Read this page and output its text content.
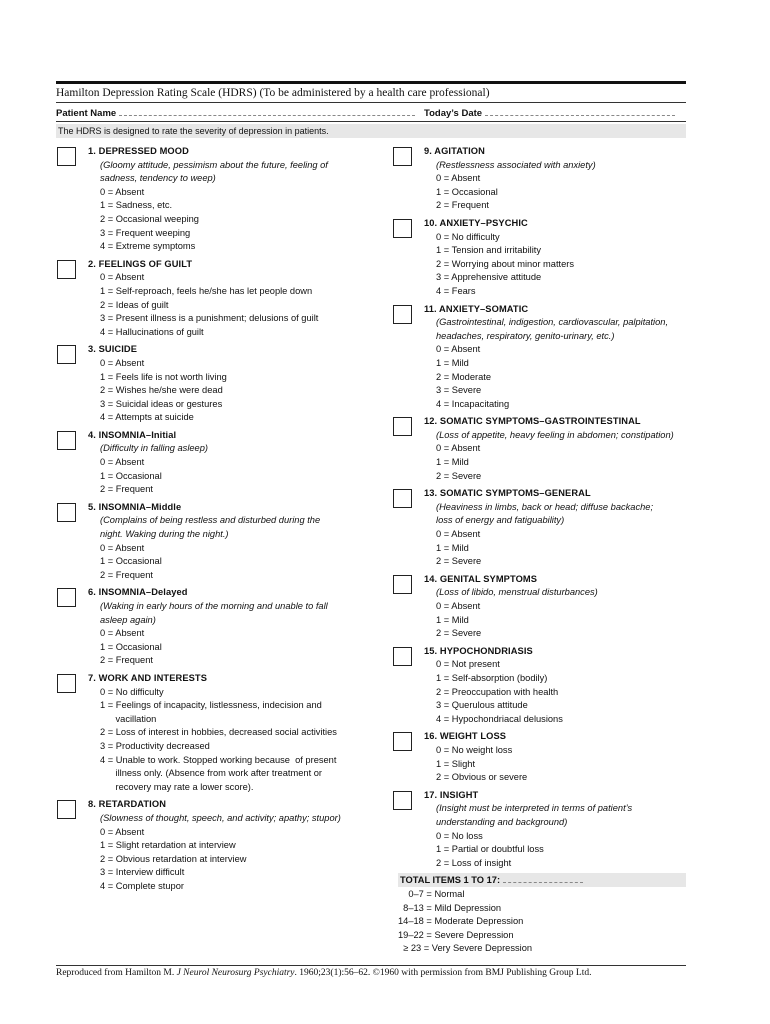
Hamilton Depression Rating Scale (HDRS) (To be administered by a health care professional)
Patient Name	Today’s Date
The HDRS is designed to rate the severity of depression in patients.
1. DEPRESSED MOOD
(Gloomy attitude, pessimism about the future, feeling of
sadness, tendency to weep)
0 = Absent
1 = Sadness, etc.
2 = Occasional weeping
3 = Frequent weeping
4 = Extreme symptoms
2. FEELINGS OF GUILT
0 = Absent
1 = Self-reproach, feels he/she has let people down
2 = Ideas of guilt
3 = Present illness is a punishment; delusions of guilt
4 = Hallucinations of guilt
3. SUICIDE
0 = Absent
1 = Feels life is not worth living
2 = Wishes he/she were dead
3 = Suicidal ideas or gestures
4 = Attempts at suicide
4. INSOMNIA–Initial
(Difficulty in falling asleep)
0 = Absent
1 = Occasional
2 = Frequent
5. INSOMNIA–Middle
(Complains of being restless and disturbed during the
night. Waking during the night.)
0 = Absent
1 = Occasional
2 = Frequent
6. INSOMNIA–Delayed
(Waking in early hours of the morning and unable to fall
asleep again)
0 = Absent
1 = Occasional
2 = Frequent
7. WORK AND INTERESTS
0 = No difficulty
1 = Feelings of incapacity, listlessness, indecision and
vacillation
2 = Loss of interest in hobbies, decreased social activities
3 = Productivity decreased
4 = Unable to work. Stopped working because  of present
illness only. (Absence from work after treatment or
recovery may rate a lower score).
8. RETARDATION
(Slowness of thought, speech, and activity; apathy; stupor)
0 = Absent
1 = Slight retardation at interview
2 = Obvious retardation at interview
3 = Interview difficult
4 = Complete stupor
9. AGITATION
(Restlessness associated with anxiety)
0 = Absent
1 = Occasional
2 = Frequent
10. ANXIETY–PSYCHIC
0 = No difficulty
1 = Tension and irritability
2 = Worrying about minor matters
3 = Apprehensive attitude
4 = Fears
11. ANXIETY–SOMATIC
(Gastrointestinal, indigestion, cardiovascular, palpitation,
headaches, respiratory, genito-urinary, etc.)
0 = Absent
1 = Mild
2 = Moderate
3 = Severe
4 = Incapacitating
12. SOMATIC SYMPTOMS–GASTROINTESTINAL
(Loss of appetite, heavy feeling in abdomen; constipation)
0 = Absent
1 = Mild
2 = Severe
13. SOMATIC SYMPTOMS–GENERAL
(Heaviness in limbs, back or head; diffuse backache;
loss of energy and fatiguability)
0 = Absent
1 = Mild
2 = Severe
14. GENITAL SYMPTOMS
(Loss of libido, menstrual disturbances)
0 = Absent
1 = Mild
2 = Severe
15. HYPOCHONDRIASIS
0 = Not present
1 = Self-absorption (bodily)
2 = Preoccupation with health
3 = Querulous attitude
4 = Hypochondriacal delusions
16. WEIGHT LOSS
0 = No weight loss
1 = Slight
2 = Obvious or severe
17. INSIGHT
(Insight must be interpreted in terms of patient’s
understanding and background)
0 = No loss
1 = Partial or doubtful loss
2 = Loss of insight
TOTAL ITEMS 1 TO 17:
0–7 = Normal
8–13 = Mild Depression
14–18 = Moderate Depression
19–22 = Severe Depression
≥ 23 = Very Severe Depression
Reproduced from Hamilton M. J Neurol Neurosurg Psychiatry. 1960;23(1):56–62. ©1960 with permission from BMJ Publishing Group Ltd.
